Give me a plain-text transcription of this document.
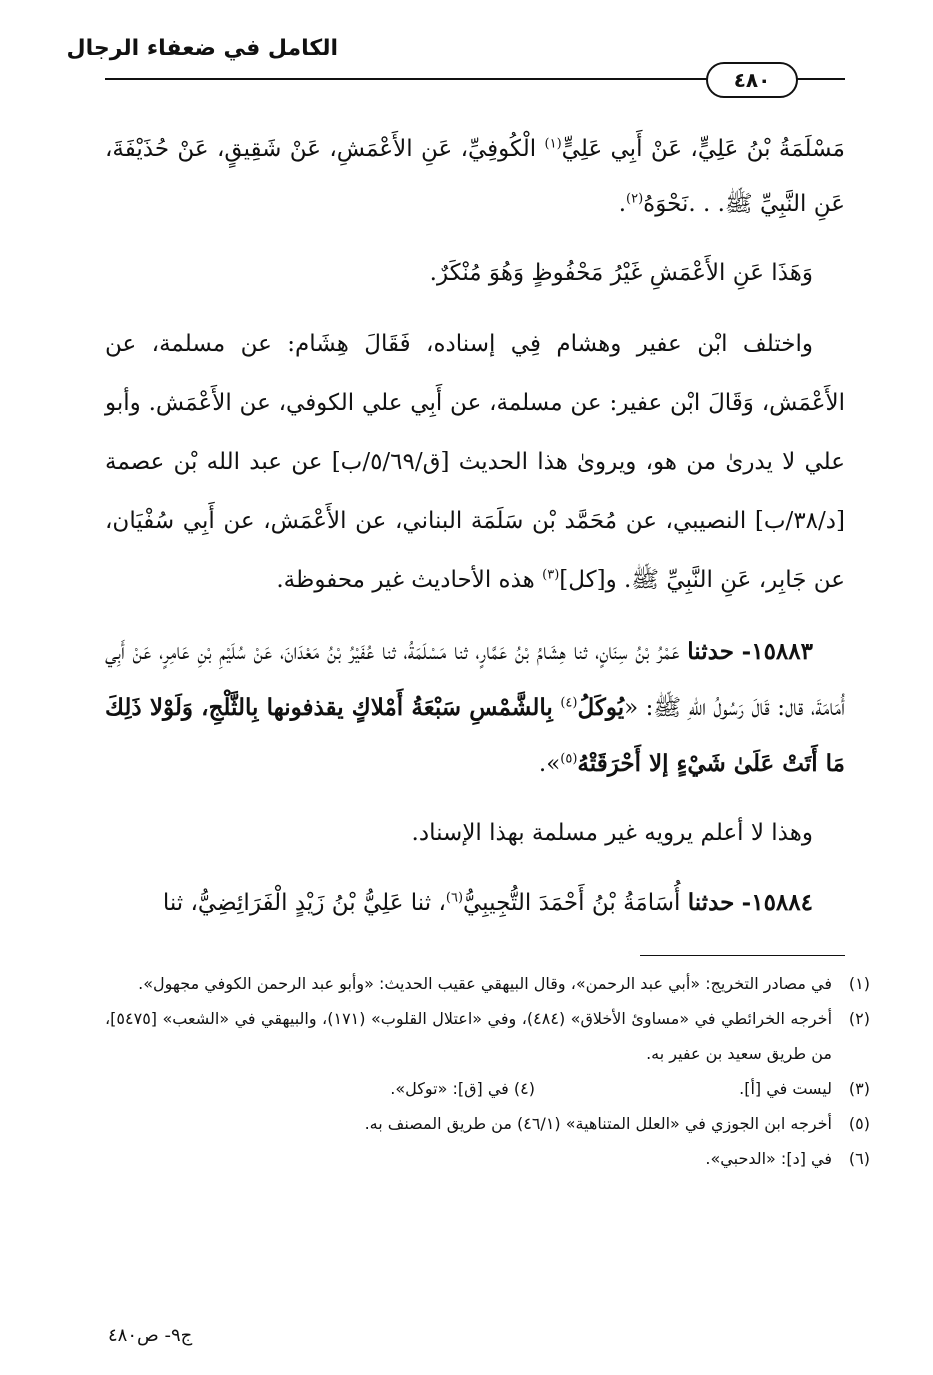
الكامل في ضعفاء الرجال
٤٨٠

مَسْلَمَةُ بْنُ عَلِيٍّ، عَنْ أَبِي عَلِيٍّ$^{(١)}$ الْكُوفِيِّ، عَنِ الأَعْمَشِ، عَنْ شَقِيقٍ، عَنْ حُذَيْفَةَ، عَنِ النَّبِيِّ ﷺ. . .نَحْوَهُ$^{(٢)}$.

وَهَذَا عَنِ الأَعْمَشِ غَيْرُ مَحْفُوظٍ وَهُوَ مُنْكَرٌ.

واختلف ابْن عفير وهشام فِي إسناده، فَقَالَ هِشَام: عن مسلمة، عن الأَعْمَش، وَقَالَ ابْن عفير: عن مسلمة، عن أَبِي علي الكوفي، عن الأَعْمَش. وأبو علي لا يدرىٰ من هو، ويروىٰ هذا الحديث [ق/٥/٦٩/ب] عن عبد الله بْن عصمة [د/٣٨/ب] النصيبي، عن مُحَمَّد بْن سَلَمَة البناني، عن الأَعْمَش، عن أَبِي سُفْيَان، عن جَابِر، عَنِ النَّبِيِّ ﷺ. و[كل]$^{(٣)}$ هذه الأحاديث غير محفوظة.

١٥٨٨٣- حدثنا عَمْرُ بْنُ سِنَانٍ، ثنا هِشَامُ بْنُ عَمَّارٍ، ثنا مَسْلَمَةُ، ثنا عُفَيْرُ بْنُ مَعْدَانَ، عَنْ سُلَيْمِ بْنِ عَامِرٍ، عَنْ أَبِي أُمَامَةَ، قال: قَالَ رَسُولُ اللهِ ﷺ: «يُوكَلُ$^{(٤)}$ بِالشَّمْسِ سَبْعَةُ أَمْلاكٍ يقذفونها بِالثَّلْجِ، وَلَوْلا ذَلِكَ مَا أَتَتْ عَلَىٰ شَيْءٍ إلا أَحْرَقَتْهُ$^{(٥)}$».

وهذا لا أعلم يرويه غير مسلمة بهذا الإسناد.

١٥٨٨٤- حدثنا أُسَامَةُ بْنُ أَحْمَدَ التُّجِيبِيُّ$^{(٦)}$، ثنا عَلِيُّ بْنُ زَيْدٍ الْفَرَائِضِيُّ، ثنا

(١)
في مصادر التخريج: «أبي عبد الرحمن»، وقال البيهقي عقيب الحديث: «وأبو عبد الرحمن الكوفي مجهول».
(٢)
أخرجه الخرائطي في «مساوئ الأخلاق» (٤٨٤)، وفي «اعتلال القلوب» (١٧١)، والبيهقي في «الشعب» [٥٤٧٥]، من طريق سعيد بن عفير به.
(٣)
ليست في [أ].
(٤) في [ق]: «توكل».
(٥)
أخرجه ابن الجوزي في «العلل المتناهية» (٤٦/١) من طريق المصنف به.
(٦)
في [د]: «الدحبي».
ج٩- ص٤٨٠
